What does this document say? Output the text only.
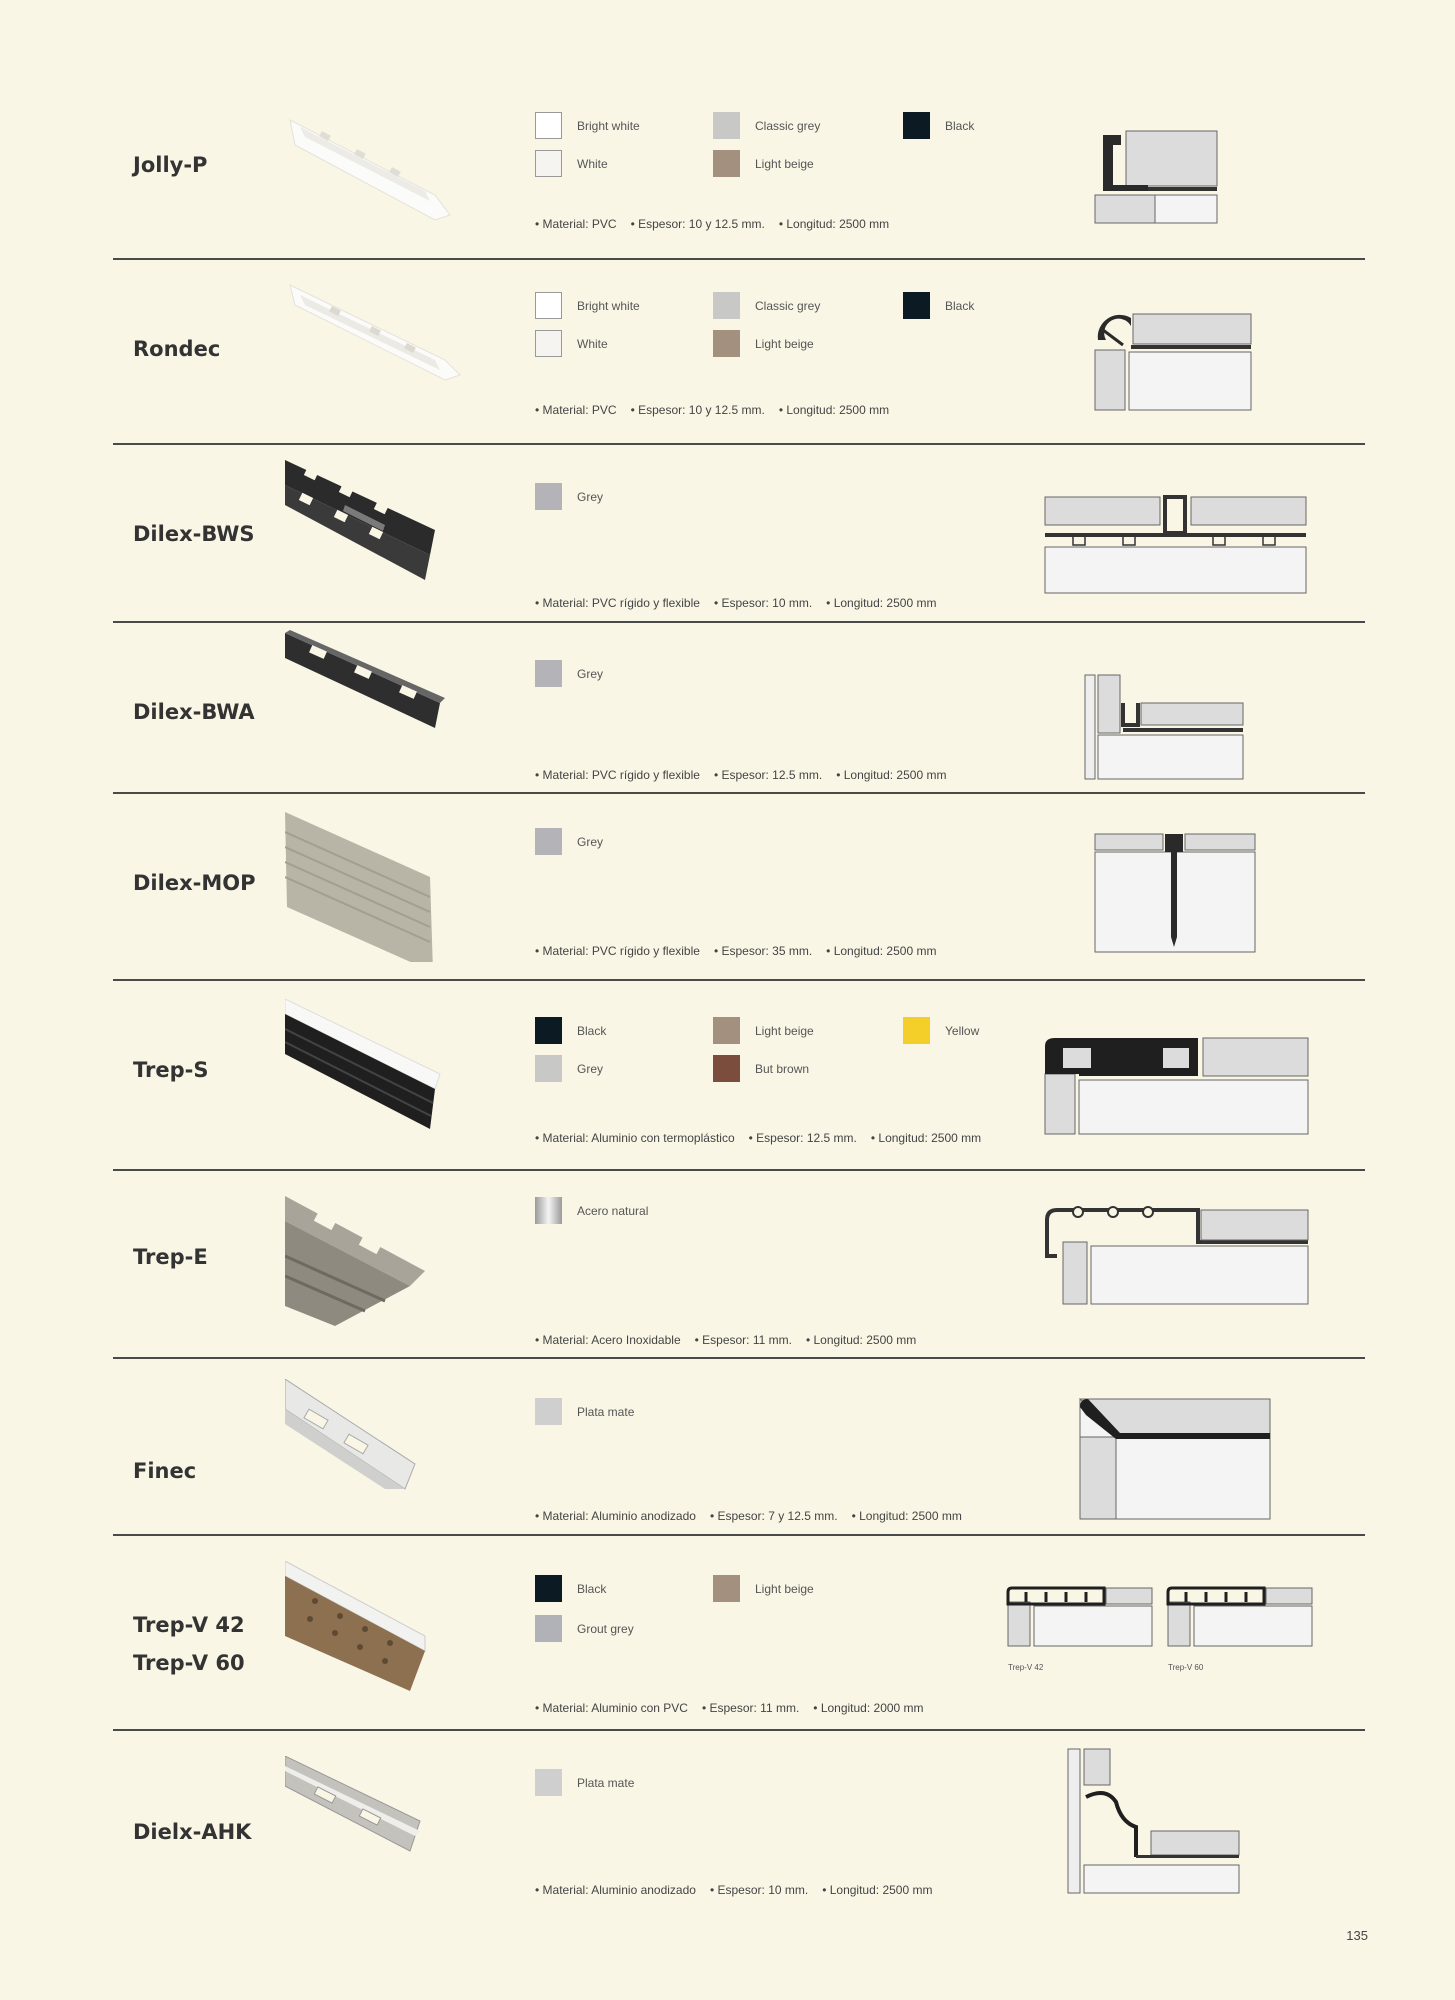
Jolly-P
Bright white
White
Classic grey
Light beige
Black
• Material: PVC • Espesor: 10 y 12.5 mm. • Longitud: 2500 mm
Rondec
Bright white
White
Classic grey
Light beige
Black
• Material: PVC • Espesor: 10 y 12.5 mm. • Longitud: 2500 mm
Dilex-BWS
Grey
• Material: PVC rígido y flexible • Espesor: 10 mm. • Longitud: 2500 mm
Dilex-BWA
Grey
• Material: PVC rígido y flexible • Espesor: 12.5 mm. • Longitud: 2500 mm
Dilex-MOP
Grey
• Material: PVC rígido y flexible • Espesor: 35 mm. • Longitud: 2500 mm
Trep-S
Black
Grey
Light beige
But brown
Yellow
• Material: Aluminio con termoplástico • Espesor: 12.5 mm. • Longitud: 2500 mm
Trep-E
Acero natural
• Material: Acero Inoxidable • Espesor: 11 mm. • Longitud: 2500 mm
Finec
Plata mate
• Material: Aluminio anodizado • Espesor: 7 y 12.5 mm. • Longitud: 2500 mm
Trep-V 42
Trep-V 60
Black
Grout grey
Light beige
• Material: Aluminio con PVC • Espesor: 11 mm. • Longitud: 2000 mm
Trep-V 42	Trep-V 60
Dielx-AHK
Plata mate
• Material: Aluminio anodizado • Espesor: 10 mm. • Longitud: 2500 mm
135
